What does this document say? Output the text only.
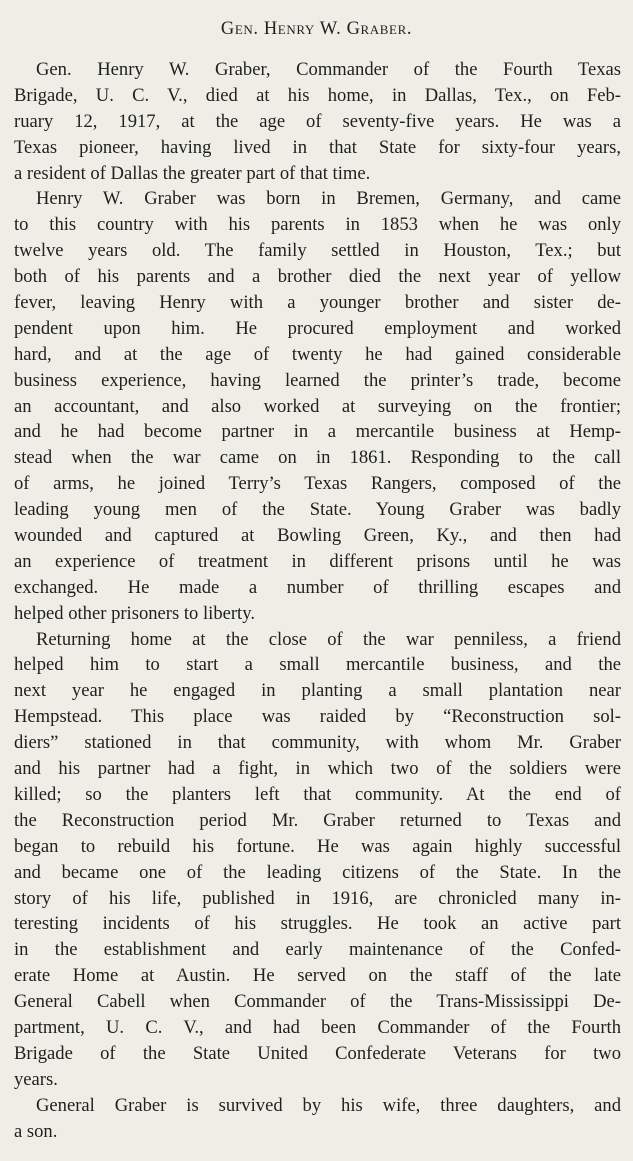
Gen. Henry W. Graber.
Gen. Henry W. Graber, Commander of the Fourth Texas
Brigade, U. C. V., died at his home, in Dallas, Tex., on Feb-
ruary 12, 1917, at the age of seventy-five years. He was a
Texas pioneer, having lived in that State for sixty-four years,
a resident of Dallas the greater part of that time.
Henry W. Graber was born in Bremen, Germany, and came
to this country with his parents in 1853 when he was only
twelve years old. The family settled in Houston, Tex.; but
both of his parents and a brother died the next year of yellow
fever, leaving Henry with a younger brother and sister de-
pendent upon him. He procured employment and worked
hard, and at the age of twenty he had gained considerable
business experience, having learned the printer’s trade, become
an accountant, and also worked at surveying on the frontier;
and he had become partner in a mercantile business at Hemp-
stead when the war came on in 1861. Responding to the call
of arms, he joined Terry’s Texas Rangers, composed of the
leading young men of the State. Young Graber was badly
wounded and captured at Bowling Green, Ky., and then had
an experience of treatment in different prisons until he was
exchanged. He made a number of thrilling escapes and
helped other prisoners to liberty.
Returning home at the close of the war penniless, a friend
helped him to start a small mercantile business, and the
next year he engaged in planting a small plantation near
Hempstead. This place was raided by “Reconstruction sol-
diers” stationed in that community, with whom Mr. Graber
and his partner had a fight, in which two of the soldiers were
killed; so the planters left that community. At the end of
the Reconstruction period Mr. Graber returned to Texas and
began to rebuild his fortune. He was again highly successful
and became one of the leading citizens of the State. In the
story of his life, published in 1916, are chronicled many in-
teresting incidents of his struggles. He took an active part
in the establishment and early maintenance of the Confed-
erate Home at Austin. He served on the staff of the late
General Cabell when Commander of the Trans-Mississippi De-
partment, U. C. V., and had been Commander of the Fourth
Brigade of the State United Confederate Veterans for two
years.
General Graber is survived by his wife, three daughters, and
a son.
